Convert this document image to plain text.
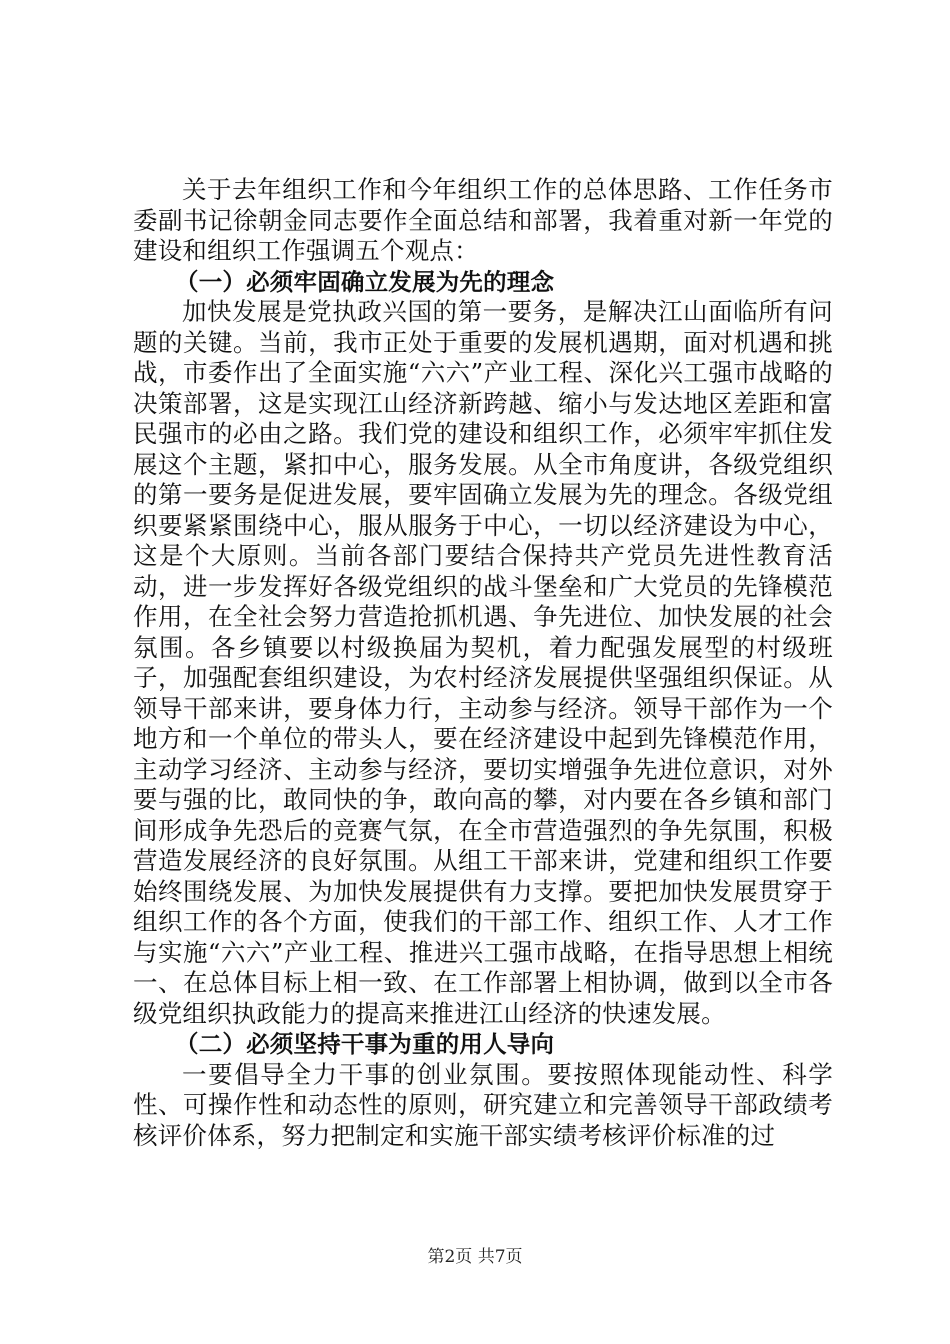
关于去年组织工作和今年组织工作的总体思路、工作任务市委副书记徐朝金同志要作全面总结和部署，我着重对新一年党的建设和组织工作强调五个观点：

（一）必须牢固确立发展为先的理念

加快发展是党执政兴国的第一要务，是解决江山面临所有问题的关键。当前，我市正处于重要的发展机遇期，面对机遇和挑战，市委作出了全面实施“六六”产业工程、深化兴工强市战略的决策部署，这是实现江山经济新跨越、缩小与发达地区差距和富民强市的必由之路。我们党的建设和组织工作，必须牢牢抓住发展这个主题，紧扣中心，服务发展。从全市角度讲，各级党组织的第一要务是促进发展，要牢固确立发展为先的理念。各级党组织要紧紧围绕中心，服从服务于中心，一切以经济建设为中心，这是个大原则。当前各部门要结合保持共产党员先进性教育活动，进一步发挥好各级党组织的战斗堡垒和广大党员的先锋模范作用，在全社会努力营造抢抓机遇、争先进位、加快发展的社会氛围。各乡镇要以村级换届为契机，着力配强发展型的村级班子，加强配套组织建设，为农村经济发展提供坚强组织保证。从领导干部来讲，要身体力行，主动参与经济。领导干部作为一个地方和一个单位的带头人，要在经济建设中起到先锋模范作用，主动学习经济、主动参与经济，要切实增强争先进位意识，对外要与强的比，敢同快的争，敢向高的攀，对内要在各乡镇和部门间形成争先恐后的竞赛气氛，在全市营造强烈的争先氛围，积极营造发展经济的良好氛围。从组工干部来讲，党建和组织工作要始终围绕发展、为加快发展提供有力支撑。要把加快发展贯穿于组织工作的各个方面，使我们的干部工作、组织工作、人才工作与实施“六六”产业工程、推进兴工强市战略，在指导思想上相统一、在总体目标上相一致、在工作部署上相协调，做到以全市各级党组织执政能力的提高来推进江山经济的快速发展。

（二）必须坚持干事为重的用人导向

一要倡导全力干事的创业氛围。要按照体现能动性、科学性、可操作性和动态性的原则，研究建立和完善领导干部政绩考核评价体系，努力把制定和实施干部实绩考核评价标准的过

第2页 共7页
